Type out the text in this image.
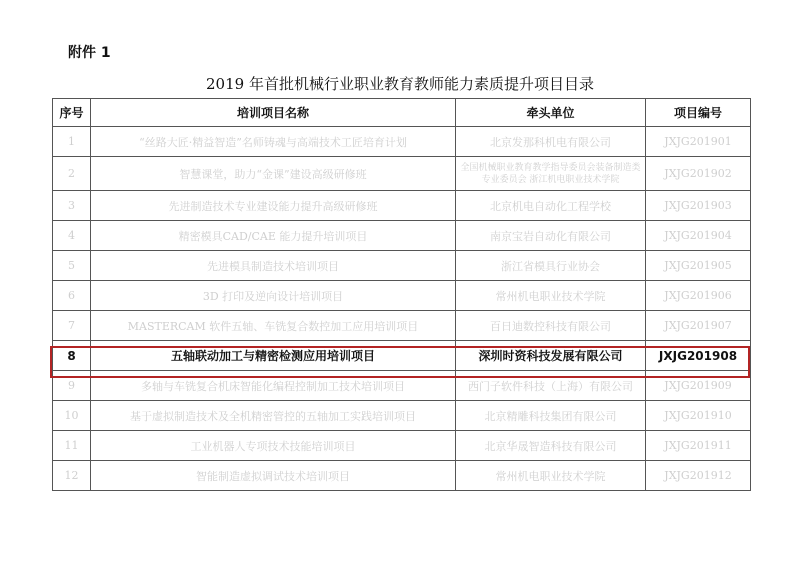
附件 1
2019 年首批机械行业职业教育教师能力素质提升项目目录
序号	培训项目名称	牵头单位	项目编号
1	“丝路大匠·精益智造”名师铸魂与高端技术工匠培育计划	北京发那科机电有限公司	JXJG201901
2	智慧课堂，助力“金课”建设高级研修班	全国机械职业教育教学指导委员会装备制造类专业委员会 浙江机电职业技术学院	JXJG201902
3	先进制造技术专业建设能力提升高级研修班	北京机电自动化工程学校	JXJG201903
4	精密模具CAD/CAE 能力提升培训项目	南京宝岩自动化有限公司	JXJG201904
5	先进模具制造技术培训项目	浙江省模具行业协会	JXJG201905
6	3D 打印及逆向设计培训项目	常州机电职业技术学院	JXJG201906
7	MASTERCAM 软件五轴、车铣复合数控加工应用培训项目	百日迪数控科技有限公司	JXJG201907
8	五轴联动加工与精密检测应用培训项目	深圳时资科技发展有限公司	JXJG201908
9	多轴与车铣复合机床智能化编程控制加工技术培训项目	西门子软件科技（上海）有限公司	JXJG201909
10	基于虚拟制造技术及全机精密管控的五轴加工实践培训项目	北京精雕科技集团有限公司	JXJG201910
11	工业机器人专项技术技能培训项目	北京华晟智造科技有限公司	JXJG201911
12	智能制造虚拟调试技术培训项目	常州机电职业技术学院	JXJG201912
